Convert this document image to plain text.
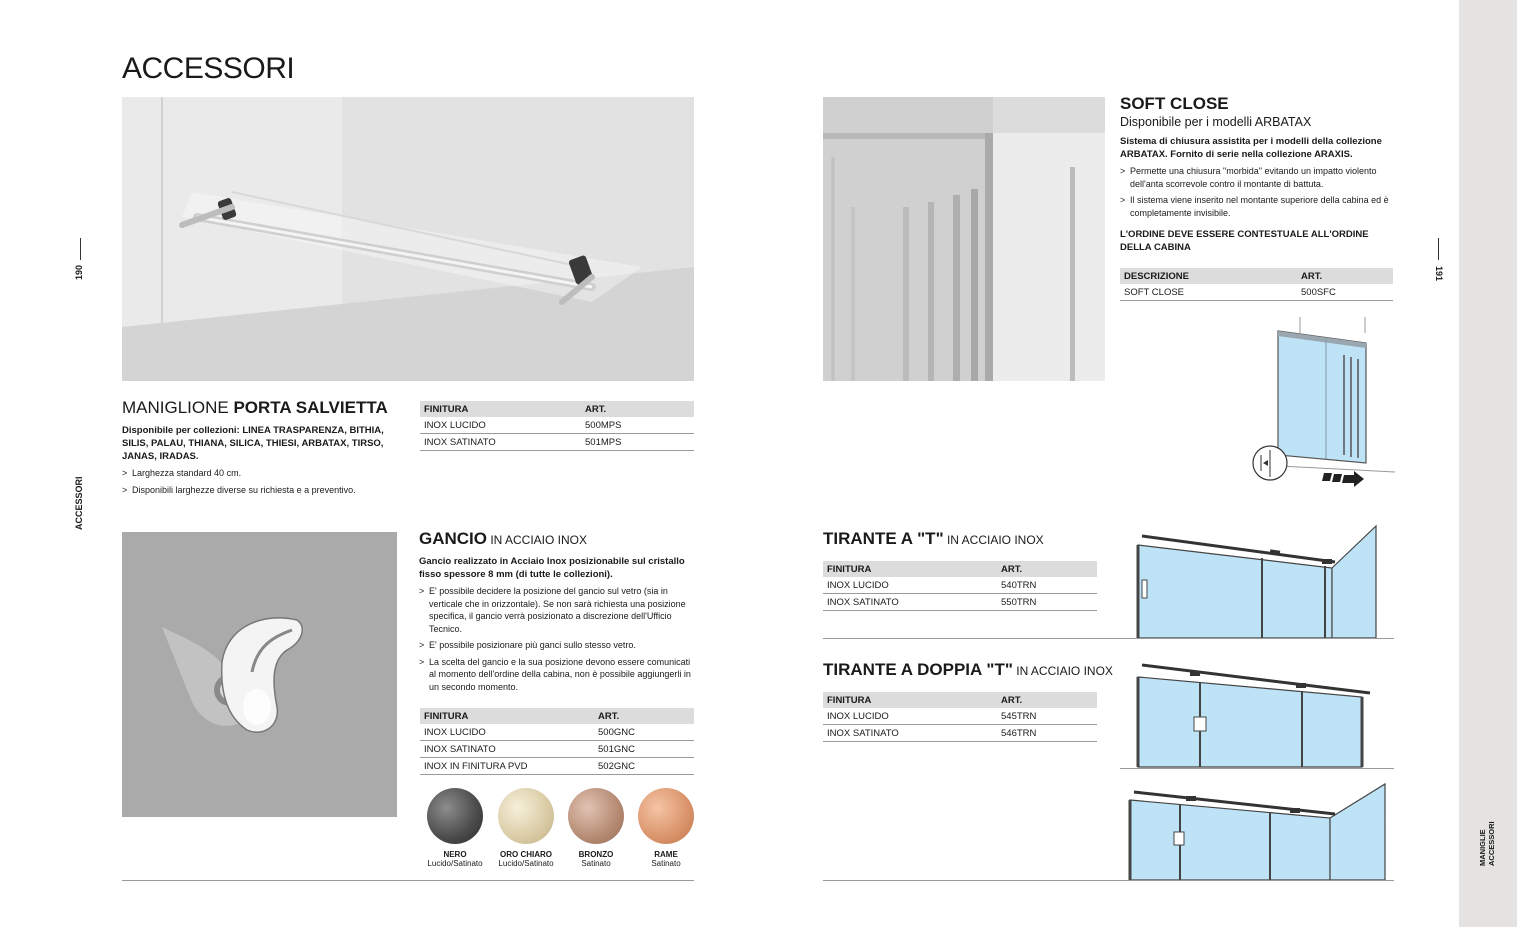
ACCESSORI
190
ACCESSORI
191
MANIGLIE ACCESSORI
MANIGLIONE PORTA SALVIETTA
Disponibile per collezioni: LINEA TRASPARENZA, BITHIA, SILIS, PALAU, THIANA, SILICA, THIESI, ARBATAX, TIRSO, JANAS, IRADAS.
> Larghezza standard 40 cm.
> Disponibili larghezze diverse su richiesta e a preventivo.
FINITURA	ART.
INOX LUCIDO	500MPS
INOX SATINATO	501MPS
SOFT CLOSE
Disponibile per i modelli ARBATAX
Sistema di chiusura assistita per i modelli della collezione ARBATAX. Fornito di serie nella collezione ARAXIS.
> Permette una chiusura "morbida" evitando un impatto violento dell'anta scorrevole contro il montante di battuta.
> Il sistema viene inserito nel montante superiore della cabina ed è completamente invisibile.
L'ORDINE DEVE ESSERE CONTESTUALE ALL'ORDINE DELLA CABINA
DESCRIZIONE	ART.
SOFT CLOSE	500SFC
GANCIO IN ACCIAIO INOX
Gancio realizzato in Acciaio Inox posizionabile sul cristallo fisso spessore 8 mm (di tutte le collezioni).
> E' possibile decidere la posizione del gancio sul vetro (sia in verticale che in orizzontale). Se non sarà richiesta una posizione specifica, il gancio verrà posizionato a discrezione dell'Ufficio Tecnico.
> E' possibile posizionare più ganci sullo stesso vetro.
> La scelta del gancio e la sua posizione devono essere comunicati al momento dell'ordine della cabina, non è possibile aggiungerli in un secondo momento.
FINITURA	ART.
INOX LUCIDO	500GNC
INOX SATINATO	501GNC
INOX IN FINITURA PVD	502GNC
NERO
Lucido/Satinato
ORO CHIARO
Lucido/Satinato
BRONZO
Satinato
RAME
Satinato
TIRANTE A "T" IN ACCIAIO INOX
FINITURA	ART.
INOX LUCIDO	540TRN
INOX SATINATO	550TRN
TIRANTE A DOPPIA "T" IN ACCIAIO INOX
FINITURA	ART.
INOX LUCIDO	545TRN
INOX SATINATO	546TRN
